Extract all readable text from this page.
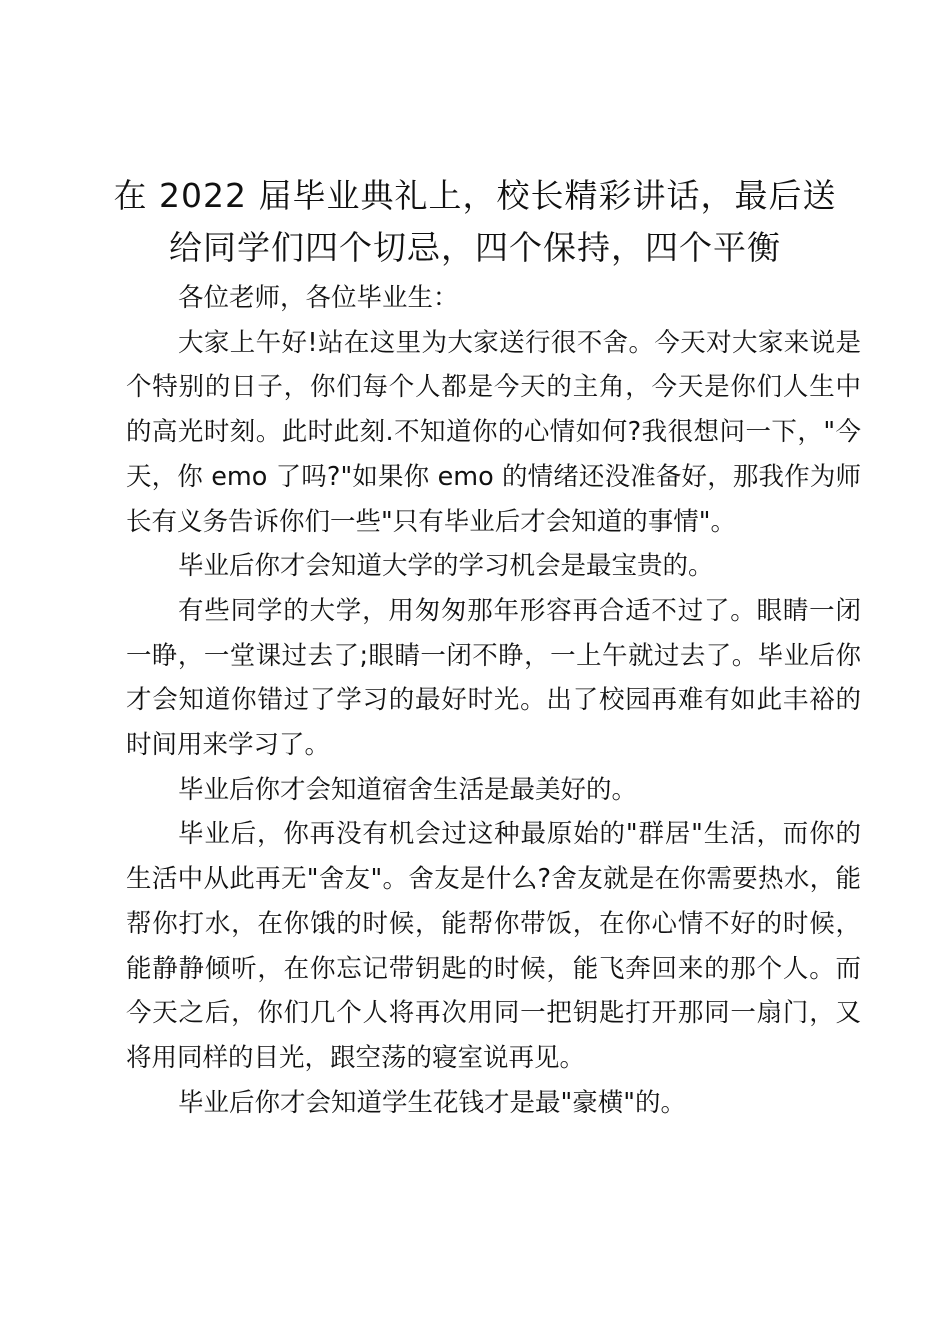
在 2022 届毕业典礼上，校长精彩讲话，最后送给同学们四个切忌，四个保持，四个平衡

各位老师，各位毕业生：

大家上午好!站在这里为大家送行很不舍。今天对大家来说是个特别的日子，你们每个人都是今天的主角，今天是你们人生中的高光时刻。此时此刻.不知道你的心情如何?我很想问一下，"今天，你 emo 了吗?"如果你 emo 的情绪还没准备好，那我作为师长有义务告诉你们一些"只有毕业后才会知道的事情"。

毕业后你才会知道大学的学习机会是最宝贵的。

有些同学的大学，用匆匆那年形容再合适不过了。眼睛一闭一睁，一堂课过去了;眼睛一闭不睁，一上午就过去了。毕业后你才会知道你错过了学习的最好时光。出了校园再难有如此丰裕的时间用来学习了。

毕业后你才会知道宿舍生活是最美好的。

毕业后，你再没有机会过这种最原始的"群居"生活，而你的生活中从此再无"舍友"。舍友是什么?舍友就是在你需要热水，能帮你打水，在你饿的时候，能帮你带饭，在你心情不好的时候，能静静倾听，在你忘记带钥匙的时候，能飞奔回来的那个人。而今天之后，你们几个人将再次用同一把钥匙打开那同一扇门，又将用同样的目光，跟空荡的寝室说再见。

毕业后你才会知道学生花钱才是最"豪横"的。
